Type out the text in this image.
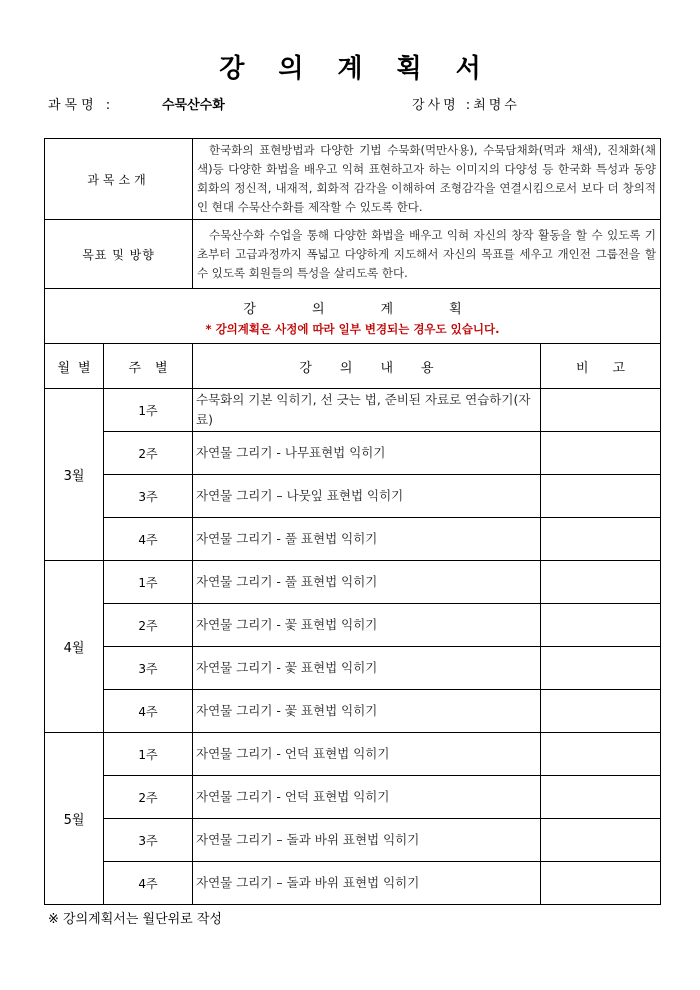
강의계획서
과목명 :	수묵산수화	강사명 :최명수
과목소개		한국화의 표현방법과 다양한 기법 수묵화(먹만사용), 수묵담채화(먹과 채색), 진채화(채색)등 다양한 화법을 배우고 익혀 표현하고자 하는 이미지의 다양성 등 한국화 특성과 동양회화의 정신적, 내재적, 회화적 감각을 이해하여 조형감각을 연결시킴으로서 보다 더 창의적인 현대 수묵산수화를 제작할 수 있도록 한다.	
목표 및 방향		수묵산수화 수업을 통해 다양한 화법을 배우고 익혀 자신의 창작 활동을 할 수 있도록 기초부터 고급과정까지 폭넓고 다양하게 지도해서 자신의 목표를 세우고 개인전 그룹전을 할 수 있도록 회원들의 특성을 살리도록 한다.	

강의계획
* 강의계획은 사정에 따라 일부 변경되는 경우도 있습니다.			

월별	주별	강의내용	비고
3월	1주	수묵화의 기본 익히기, 선 긋는 법, 준비된 자료로 연습하기(자료)	
	2주	자연물 그리기 - 나무표현법 익히기	
	3주	자연물 그리기 – 나뭇잎 표현법 익히기	
	4주	자연물 그리기 - 풀 표현법 익히기	
4월	1주	자연물 그리기 - 풀 표현법 익히기	
	2주	자연물 그리기 - 꽃 표현법 익히기	
	3주	자연물 그리기 - 꽃 표현법 익히기	
	4주	자연물 그리기 - 꽃 표현법 익히기	
5월	1주	자연물 그리기 - 언덕 표현법 익히기	
	2주	자연물 그리기 - 언덕 표현법 익히기	
	3주	자연물 그리기 – 돌과 바위 표현법 익히기	
	4주	자연물 그리기 – 돌과 바위 표현법 익히기	
※ 강의계획서는 월단위로 작성
